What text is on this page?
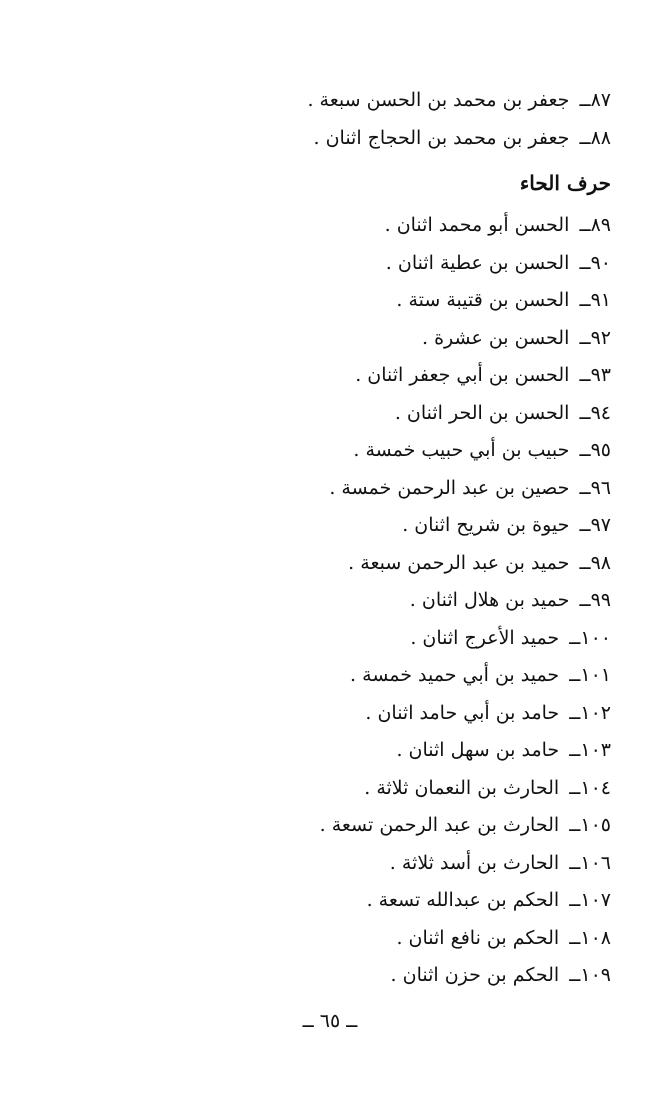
٨٧ــ جعفر بن محمد بن الحسن سبعة .
٨٨ــ جعفر بن محمد بن الحجاج اثنان .
حرف الحاء
٨٩ــ الحسن أبو محمد اثنان .
٩٠ــ الحسن بن عطية اثنان .
٩١ــ الحسن بن قتيبة ستة .
٩٢ــ الحسن بن عشرة .
٩٣ــ الحسن بن أبي جعفر اثنان .
٩٤ــ الحسن بن الحر اثنان .
٩٥ــ حبيب بن أبي حبيب خمسة .
٩٦ــ حصين بن عبد الرحمن خمسة .
٩٧ــ حيوة بن شريح اثنان .
٩٨ــ حميد بن عبد الرحمن سبعة .
٩٩ــ حميد بن هلال اثنان .
١٠٠ــ حميد الأعرج اثنان .
١٠١ــ حميد بن أبي حميد خمسة .
١٠٢ــ حامد بن أبي حامد اثنان .
١٠٣ــ حامد بن سهل اثنان .
١٠٤ــ الحارث بن النعمان ثلاثة .
١٠٥ــ الحارث بن عبد الرحمن تسعة .
١٠٦ــ الحارث بن أسد ثلاثة .
١٠٧ــ الحكم بن عبدالله تسعة .
١٠٨ــ الحكم بن نافع اثنان .
١٠٩ــ الحكم بن حزن اثنان .
ــ ٦٥ ــ
